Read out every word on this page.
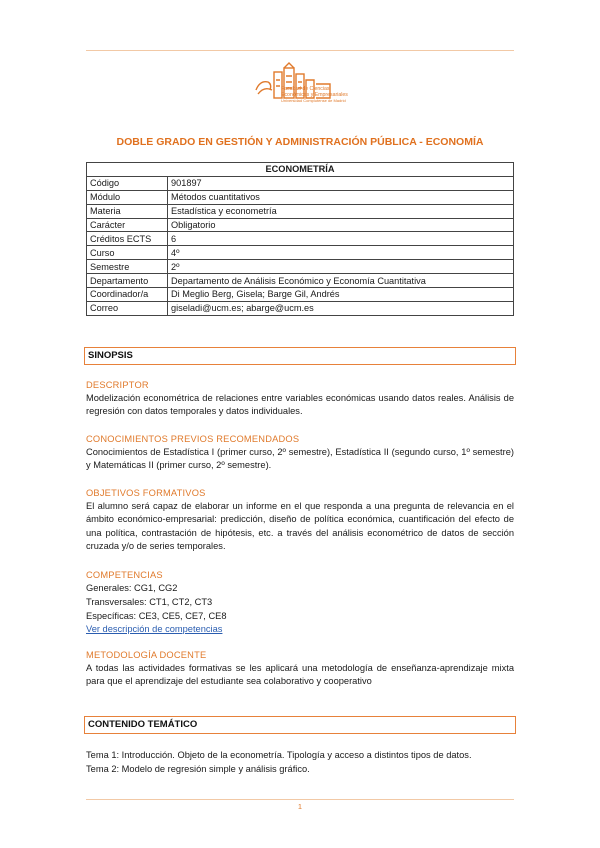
Facultad de Ciencias
Económicas y Empresariales
Universidad Complutense de Madrid
DOBLE GRADO EN GESTIÓN Y ADMINISTRACIÓN PÚBLICA - ECONOMÍA
ECONOMETRÍA	
Código	901897
Módulo	Métodos cuantitativos
Materia	Estadística y econometría
Carácter	Obligatorio
Créditos ECTS	6
Curso	4º
Semestre	2º
Departamento	Departamento de Análisis Económico y Economía Cuantitativa
Coordinador/a	Di Meglio Berg, Gisela; Barge Gil, Andrés
Correo	giseladi@ucm.es; abarge@ucm.es
SINOPSIS
DESCRIPTOR
Modelización econométrica de relaciones entre variables económicas usando datos reales. Análisis de regresión con datos temporales y datos individuales.
CONOCIMIENTOS PREVIOS RECOMENDADOS
Conocimientos de Estadística I (primer curso, 2º semestre), Estadística II (segundo curso, 1º semestre) y Matemáticas II (primer curso, 2º semestre).
OBJETIVOS FORMATIVOS
El alumno será capaz de elaborar un informe en el que responda a una pregunta de relevancia en el ámbito económico-empresarial: predicción, diseño de política económica, cuantificación del efecto de una política, contrastación de hipótesis, etc. a través del análisis econométrico de datos de sección cruzada y/o de series temporales.
COMPETENCIAS
Generales: CG1, CG2
Transversales: CT1, CT2, CT3
Específicas: CE3, CE5, CE7, CE8
Ver descripción de competencias
METODOLOGÍA DOCENTE
A todas las actividades formativas se les aplicará una metodología de enseñanza-aprendizaje mixta para que el aprendizaje del estudiante sea colaborativo y cooperativo
CONTENIDO TEMÁTICO
Tema 1: Introducción. Objeto de la econometría. Tipología y acceso a distintos tipos de datos.
Tema 2: Modelo de regresión simple y análisis gráfico.
1
